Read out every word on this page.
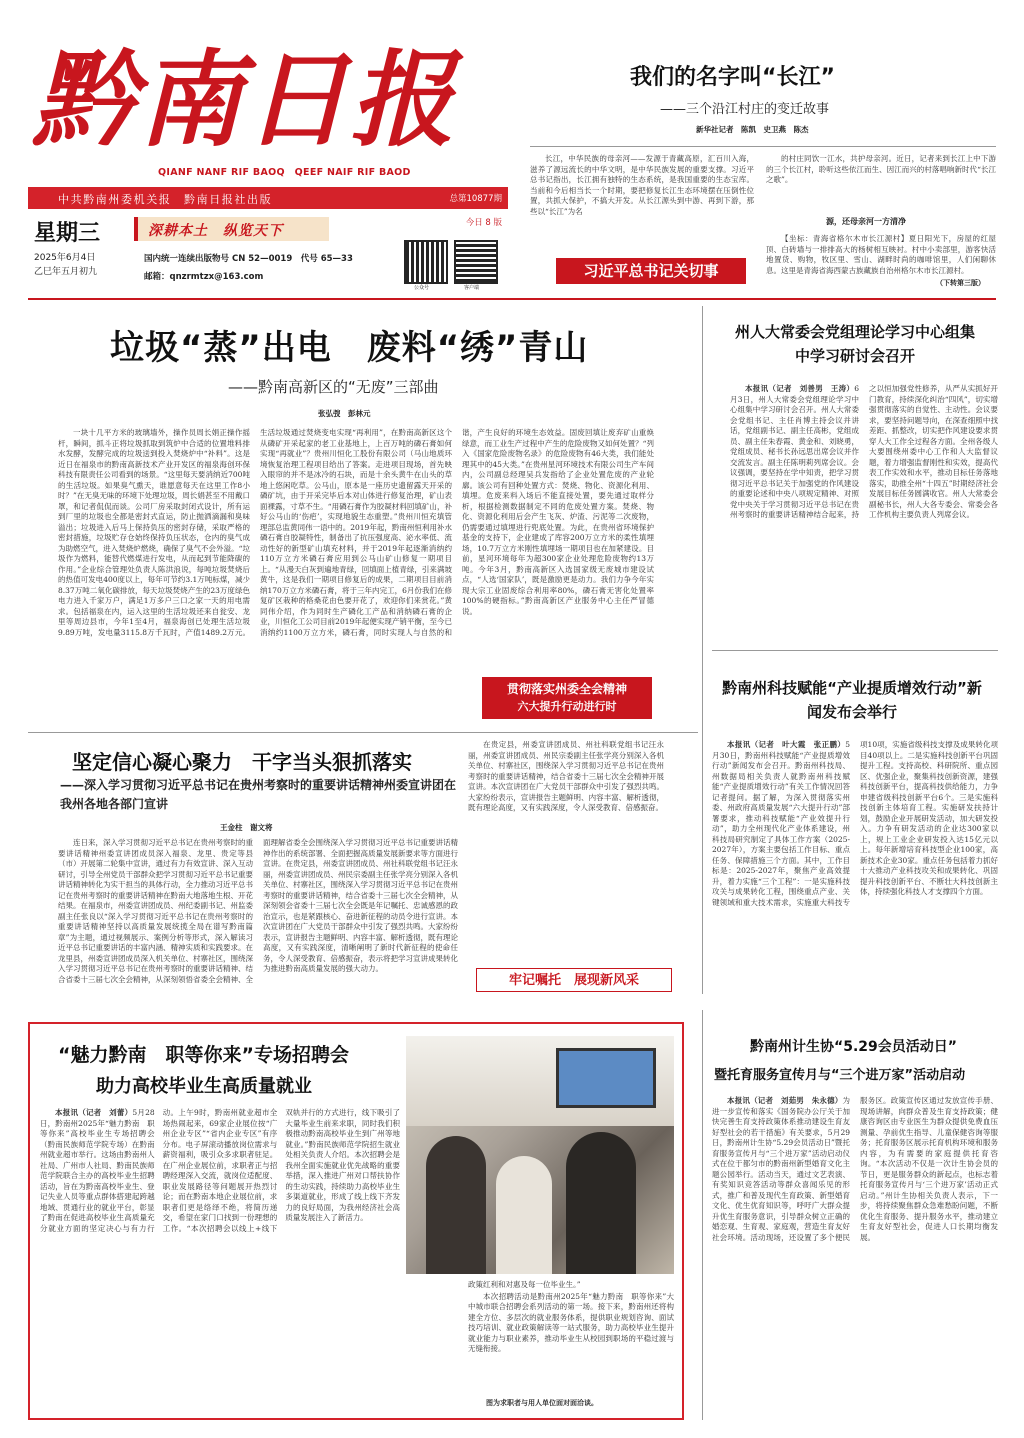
黔南日报
QIANF NANF RIF BAOQ　QEEF NAIF RIF BAOD
中共黔南州委机关报　黔南日报社出版	总第10877期
今日 8 版
星期三
2025年6月4日
乙巳年五月初九
深耕本土　纵览天下
国内统一连续出版物号 CN 52—0019　代号 65—33
邮箱：qnzrmtzx@163.com
公众号	客户端
我们的名字叫“长江”
——三个沿江村庄的变迁故事
新华社记者　陈凯　史卫燕　陈杰

长江，中华民族的母亲河——发源于青藏高原，汇百川入海，滋养了源远流长的中华文明，是中华民族发展的重要支撑。习近平总书记指出，长江拥有独特的生态系统，是我国重要的生态宝库。当前和今后相当长一个时期，要把修复长江生态环境摆在压倒性位置，共抓大保护，不搞大开发。从长江源头到中游、再到下游，那些以“长江”为名

的村庄同饮一江水，共护母亲河。近日，记者来到长江上中下游的三个长江村，聆听这些依江而生、因江而兴的村落唱响新时代“长江之歌”。

源，还母亲河一方清净

【坐标：青海省格尔木市长江源村】夏日阳光下，房屋的红屋顶、白砖墙与一排排高大的杨树相互映衬。村中小卖部里，游客快活地置货、购物，牧区里、雪山、湖畔时尚的咖啡馆里，人们闲聊休息。这里是青海省海西蒙古族藏族自治州格尔木市长江源村。

（下转第三版）
习近平总书记关切事
垃圾“蒸”出电　废料“绣”青山
——黔南高新区的“无废”三部曲
张弘弢　彭林元

一块十几平方米的玻璃墙外，操作员周长娟正操作摇杆，瞬间，抓斗正将垃圾抓取到筑炉中合适的位置堆料排水发酵，发酵完成的垃圾送到投入焚烧炉中“补料”。这是近日在福泉市的黔南高新技术产业开发区的福泉海创环保科技有限责任公司看到的场景。“这里每天要消纳近700吨的生活垃圾。如果臭气熏天，谁愿意每天在这里工作8小时？”在无臭无味的环境下处理垃圾，周长娟甚至不用戴口罩，和记者侃侃而谈。公司厂房采取封闭式设计，所有运到厂里的垃圾也全都是密封式直运，防止抛洒滴漏和臭味溢出；垃圾进入后马上保持负压的密封存储，采取严格的密封措施，垃圾贮存仓始终保持负压状态，仓内的臭气成为助燃空气，进入焚烧炉燃烧，确保了臭气不会外溢。“垃圾作为燃料，能替代燃煤进行发电，从而起到节能降碳的作用。”企业综合管理处负责人陈洪浪说，每吨垃圾焚烧后的热值可发电400度以上，每年可节约3.1万吨标煤，减少8.37万吨二氧化碳排放，每天垃圾焚烧产生的23万度绿色电力进入千家万户，满足1万多户三口之家一天的用电需求。包括福泉在内，运入这里的生活垃圾还来自瓮安、龙里等周边县市，今年1至4月，福泉海创已处理生活垃圾9.89万吨，发电量3115.8万千瓦时，产值1489.2万元。生活垃圾通过焚烧变电实现“再利用”，在黔南高新区这个从磷矿开采起家的老工业基地上，上百万吨的磷石膏如何实现“再就业”？贵州川恒化工股份有限公司（马山地质环境恢复治理工程项目给出了答案。走进项目现场，首先映入眼帘的并不是冰冷的石块，而是十余头黄牛在山头的草地上悠闲吃草。公马山，原本是一座历史遗留露天开采的磷矿坑，由于开采完毕后本对山体进行修复治理，矿山表面裸露，寸草不生。“用磷石膏作为胶凝材料回填矿山，补好公马山的‘伤疤’，实现地貌生态重塑。”贵州川恒充填管理部总监黄同伟一语中的。2019年起，黔南州恒利用补水磷石膏自胶凝特性，制备出了抗压强度高、泌水率低、流动性好的新型矿山填充材料，并于2019年起逐渐消纳约110万立方米磷石膏应用到公马山矿山修复一期项目上。“从漫天白灰到遍地青绿，回填面上植青绿，引来满坡黄牛，这是我们一期项目修复后的成果，二期项目目前消纳170万立方米磷石膏，将于三年内完工，6月份我们在修复矿区栽种的格桑花由色要开花了，欢迎你们来赏花。”黄同伟介绍，作为同时生产磷化工产品和消纳磷石膏的企业，川恒化工公司目前2019年起便实现产销平衡，至今已消纳约1100万立方米，磷石膏，同时实现人与自然的和谐，产生良好的环境生态效益。固废回填让废弃矿山重焕绿意，而工业生产过程中产生的危险废物又如何处置？“列入《国家危险废物名录》的危险废物有46大类，我们能处理其中的45大类。”在贵州星河环境技术有限公司生产车间内，公司副总经理吴兵发指给了企业处置危废的产业轮廓。该公司有回种处置方式：焚烧、物化、资源化利用、填埋。危废来料入场后不能直接处置，要先通过取样分析，根据检测数据制定不同的危废处置方案。焚烧、物化、资源化利用后会产生飞灰、炉渣、污泥等二次废物，仍需要通过填埋进行兜底处置。为此，在贵州省环境保护基金的支持下，企业建成了库容200万立方米的柔性填埋场，10.7万立方米刚性填埋场一期项目也在加紧建设。目前，星河环境每年为超300家企业处理危险废物约13万吨。今年3月，黔南高新区入选国家级无废城市建设试点，“人选‘国家队’，既是激励更是动力。我们力争今年实现大宗工业固废综合利用率80%，磷石膏无害化处置率100%的硬指标。”黔南高新区产业服务中心主任严冒德说。

贯彻落实州委全会精神
六大提升行动进行时
州人大常委会党组理论学习中心组集中学习研讨会召开

本报讯（记者　刘善男　王涛）6月3日，州人大常委会党组理论学习中心组集中学习研讨会召开。州人大常委会党组书记、主任肖博主持会议并讲话，党组副书记、副主任高彬，党组成员、副主任朱春霞、黄金和、刘晓勇，党组成员、秘书长孙远思出席会议并作交流发言。副主任陈明莉列席会议。会议强调，要坚持在学中知责，把学习贯彻习近平总书记关于加强党的作风建设的重要论述和中央八项规定精神、对照党中央关于学习贯彻习近平总书记在贵州考察时的重要讲话精神结合起来，持之以恒加强党性修养，从严从实抓好开门教育，持续深化纠治“四风”，切实增强贯彻落实的自觉性、主动性。会议要求，要坚持问题导向，在深查细照中找差距、抓整改，切实把作风建设要求贯穿人大工作全过程各方面。全州各级人大要围绕州委中心工作和人大监督议题，着力增强监督刚性和实效，提高代表工作实效和水平，推动目标任务落地落实，助推全州“十四五”时期经济社会发展目标任务圆满收官。州人大常委会副秘书长，州人大各专委会、常委会各工作机构主要负责人列席会议。

黔南州科技赋能“产业提质增效行动”新闻发布会举行

本报讯（记者　叶大霞　张正鹏）5月30日，黔南州科技赋能“产业提质增效行动”新闻发布会召开。黔南州科技局、州数据局相关负责人就黔南州科技赋能“产业提质增效行动”有关工作情况回答记者提问。据了解，为深入贯彻落实州委、州政府高质量发展“六大提升行动”部署要求，推动科技赋能“产业效提升行动”，助力全州现代化产业体系建设，州科技局研究制定了具体工作方案（2025-2027年），方案主要包括工作目标、重点任务、保障措施三个方面。其中，工作目标是：2025-2027年，聚焦产业高效提升，着力实施“三个工程”：一是实施科技攻关与成果转化工程，围绕重点产业、关键领域和重大技术需求，实施重大科技专项10项，实施省级科技支撑及成果转化项目40项以上。二是实施科技创新平台巩固提升工程。支持高校、科研院所、重点园区、优强企业，聚集科技创新资源，建强科技创新平台，提高科技供给能力，力争申建省级科技创新平台6个。三是实施科技创新主体培育工程。实施研发扶持计划，鼓励企业开展研发活动，加大研发投入。力争有研发活动的企业达300家以上，规上工业企业研发投入达15亿元以上。每年新增培育科技型企业100家，高新技术企业30家。重点任务包括着力抓好十大推动产业科技攻关和成果转化、巩固提升科技创新平台、不断壮大科技创新主体，持续强化科技人才支撑四个方面。

坚定信心凝心聚力　干字当头狠抓落实
——深入学习贯彻习近平总书记在贵州考察时的重要讲话精神州委宣讲团在我州各地各部门宣讲
王金柱　谢文将

连日来，深入学习贯彻习近平总书记在贵州考察时的重要讲话精神州委宣讲团成员深入福泉、龙里、贵定等县（市）开展第二轮集中宣讲，通过有力有效宣讲、深入互动研讨，引导全州党员干部群众把学习贯彻习近平总书记重要讲话精神转化为实干担当的具体行动，全力推动习近平总书记在贵州考察时的重要讲话精神在黔南大地落地生根、开花结果。在福泉市，州委宣讲团成员、州纪委副书记、州监委副主任张良以“深入学习贯彻习近平总书记在贵州考察时的重要讲话精神坚持以高质量发展统揽全局在谱写黔南篇章”为主题，通过视频展示、案例分析等形式，深入解读习近平总书记重要讲话的丰富内涵、精神实质和实践要求。在龙里县，州委宣讲团成员深入机关单位、村寨社区，围绕深入学习贯彻习近平总书记在贵州考察时的重要讲话精神、结合省委十三届七次全会精神，从深刻领悟省委全会精神、全面理解省委全会围绕深入学习贯彻习近平总书记重要讲话精神作出的系统部署、全面把握高质量发展新要求等方面进行宣讲。在贵定县，州委宣讲团成员、州社科联党组书记汪永丽，州委宣讲团成员、州民宗委副主任张学亮分别深入各机关单位、村寨社区，围绕深入学习贯彻习近平总书记在贵州考察时的重要讲话精神，结合省委十三届七次全会精神，从深刻领会省委十三届七次全会既是年记嘱托、忠诚感恩的政治宣示，也是紧跟核心、奋进新征程的动员令进行宣讲。本次宣讲团在广大党员干部群众中引发了强烈共鸣。大家纷纷表示，宣讲报告主题鲜明、内容丰富、解析透彻，既有理论高度，又有实践深度，清晰阐明了新时代新征程的使命任务，令人深受教育、倍感振奋，表示将把学习宣讲成果转化为推进黔南高质量发展的强大动力。

在贵定县，州委宣讲团成员、州社科联党组书记汪永丽，州委宣讲团成员、州民宗委副主任张学亮分别深入各机关单位、村寨社区，围绕深入学习贯彻习近平总书记在贵州考察时的重要讲话精神，结合省委十三届七次全会精神开展宣讲。本次宣讲团在广大党员干部群众中引发了强烈共鸣。大家纷纷表示，宣讲报告主题鲜明、内容丰富、解析透彻，既有理论高度，又有实践深度，令人深受教育、倍感振奋。

牢记嘱托　展现新风采
“魅力黔南　职等你来”专场招聘会
助力高校毕业生高质量就业

本报讯（记者　刘蕾）5月28日，黔南州2025年“魅力黔南　职等你来”高校毕业生专场招聘会（黔南民族师范学院专场）在黔南州就业超市举行。这场由黔南州人社局、广州市人社局、黔南民族师范学院联合主办的高校毕业生招聘活动，旨在为黔南高校毕业生、登记失业人员等重点群体搭建起跨越地域、贯通行业的就业平台，彰显了黔南在促进高校毕业生高质量充分就业方面的坚定决心与有力行动。上午9时，黔南州就业超市全场热闹起来，69家企业展位按“广州企业专区”“省内企业专区”有序分布。电子屏滚动播放岗位需求与薪资福利，吸引众多求职者驻足。在广州企业展位前，求职者正与招聘经理深入交流，就岗位适配度、职业发展路径等问题展开热烈讨论；而在黔南本地企业展位前，求职者们更是络绎不绝，将简历递交，希望在家门口找到一份理想的工作。“本次招聘会以线上+线下双轨并行的方式进行，线下吸引了大量毕业生前来求职，同时我们积极推动黔南高校毕业生到广州等地就业。”黔南民族师范学院招生就业处相关负责人介绍。本次招聘会是我州全面实施就业优先战略的重要举措，深入推进广州对口帮扶协作的生动实践，持续助力高校毕业生多渠道就业，形成了线上线下齐发力的良好局面，为我州经济社会高质量发展注入了新活力。

政策红利和对惠及每一位毕业生。”

本次招聘活动是黔南州2025年“魅力黔南　职等你来”大中城市联合招聘会系列活动的第一场。接下来，黔南州还将构建全方位、多层次的就业服务体系，提供职业规划咨询、面试技巧培训、就业政策解读等一站式服务，助力高校毕业生提升就业能力与职业素养，推动毕业生从校园到职场的平稳过渡与无缝衔接。

图为求职者与用人单位面对面洽谈。
黔南州计生协“5.29会员活动日”
暨托育服务宣传月与“三个进万家”活动启动

本报讯（记者　刘茹男　朱永德）为进一步宣传和落实《国务院办公厅关于加快完善生育支持政策体系推动建设生育友好型社会的若干措施》有关要求，5月29日，黔南州计生协“5.29会员活动日”暨托育服务宣传月与“三个进万家”活动启动仪式在位于都匀市的黔南州新型婚育文化主题公园举行。活动当天，通过文艺表演、有奖知识竞答活动等群众喜闻乐见的形式，推广和普及现代生育政策、新型婚育文化、优生优育知识等，呼吁广大群众提升优生育服务意识，引导群众树立正确的婚恋观、生育观、家庭观，营造生育友好社会环境。活动现场，还设置了多个便民服务区。政策宣传区通过发放宣传手册、现场讲解，向群众普及生育支持政策；健康咨询区由专业医生为群众提供免费血压测量、孕前优生指导、儿童保健咨询等服务；托育服务区展示托育机构环境和服务内容，为有需要的家庭提供托育咨询。“本次活动不仅是一次计生协会员的节日，更是服务群众的新起点，也标志着托育服务宣传月与‘三个进万家’活动正式启动。”州计生协相关负责人表示，下一步，将持续聚焦群众急难愁盼问题，不断优化生育服务、提升服务水平，推动建立生育友好型社会，促进人口长期均衡发展。
